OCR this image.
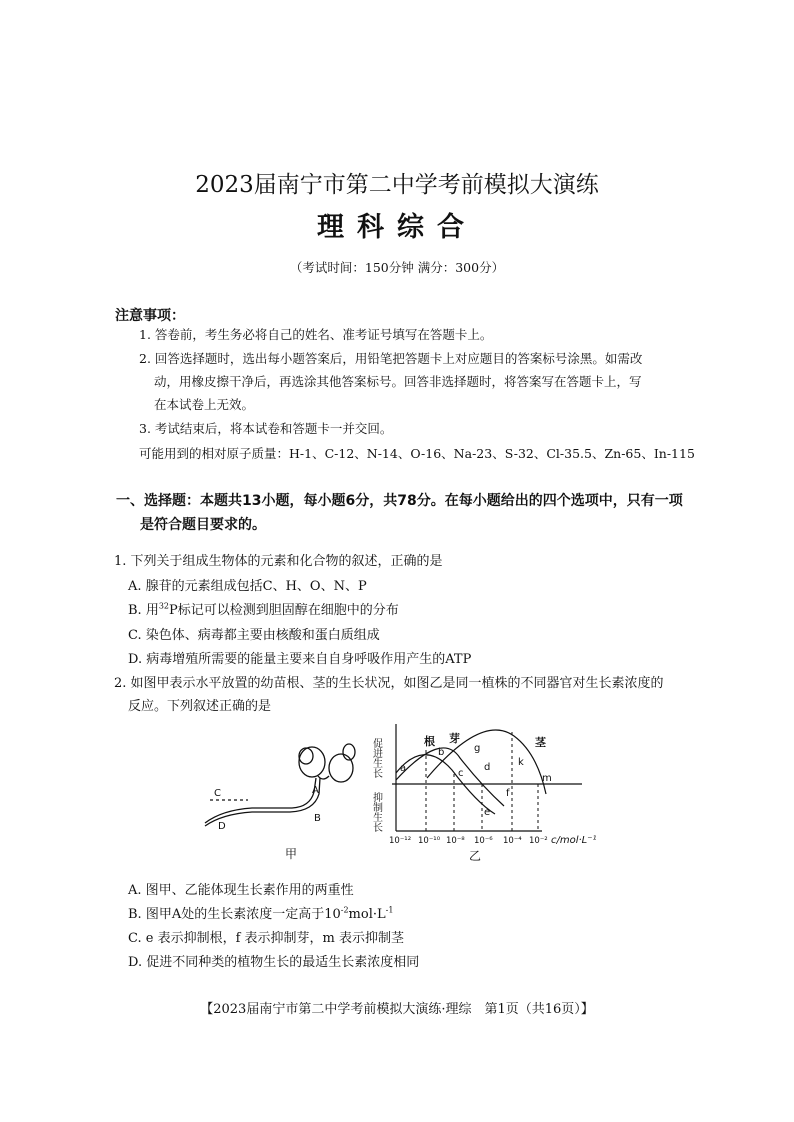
2023届南宁市第二中学考前模拟大演练
理科综合
（考试时间：150分钟 满分：300分）
注意事项：
1. 答卷前，考生务必将自己的姓名、准考证号填写在答题卡上。
2. 回答选择题时，选出每小题答案后，用铅笔把答题卡上对应题目的答案标号涂黑。如需改
动，用橡皮擦干净后，再选涂其他答案标号。回答非选择题时，将答案写在答题卡上，写
在本试卷上无效。
3. 考试结束后，将本试卷和答题卡一并交回。
可能用到的相对原子质量：H-1、C-12、N-14、O-16、Na-23、S-32、Cl-35.5、Zn-65、In-115
一、选择题：本题共13小题，每小题6分，共78分。在每小题给出的四个选项中，只有一项
是符合题目要求的。
1. 下列关于组成生物体的元素和化合物的叙述，正确的是
A. 腺苷的元素组成包括C、H、O、N、P
B. 用$^{32}$P标记可以检测到胆固醇在细胞中的分布
C. 染色体、病毒都主要由核酸和蛋白质组成
D. 病毒增殖所需要的能量主要来自自身呼吸作用产生的ATP
2. 如图甲表示水平放置的幼苗根、茎的生长状况，如图乙是同一植株的不同器官对生长素浓度的
反应。下列叙述正确的是
C
D
A
B
甲
促进生长
抑制生长
根 芽	茎
a
b
c
d
g
k
e
f
m
10⁻¹² 10⁻¹⁰ 10⁻⁸ 10⁻⁶ 10⁻⁴ 10⁻² c/mol·L⁻¹
乙
A. 图甲、乙能体现生长素作用的两重性
B. 图甲A处的生长素浓度一定高于$10^{-2}mol\cdot L^{-1}$
C. e 表示抑制根，f 表示抑制芽，m 表示抑制茎
D. 促进不同种类的植物生长的最适生长素浓度相同
【2023届南宁市第二中学考前模拟大演练·理综　第1页（共16页）】
